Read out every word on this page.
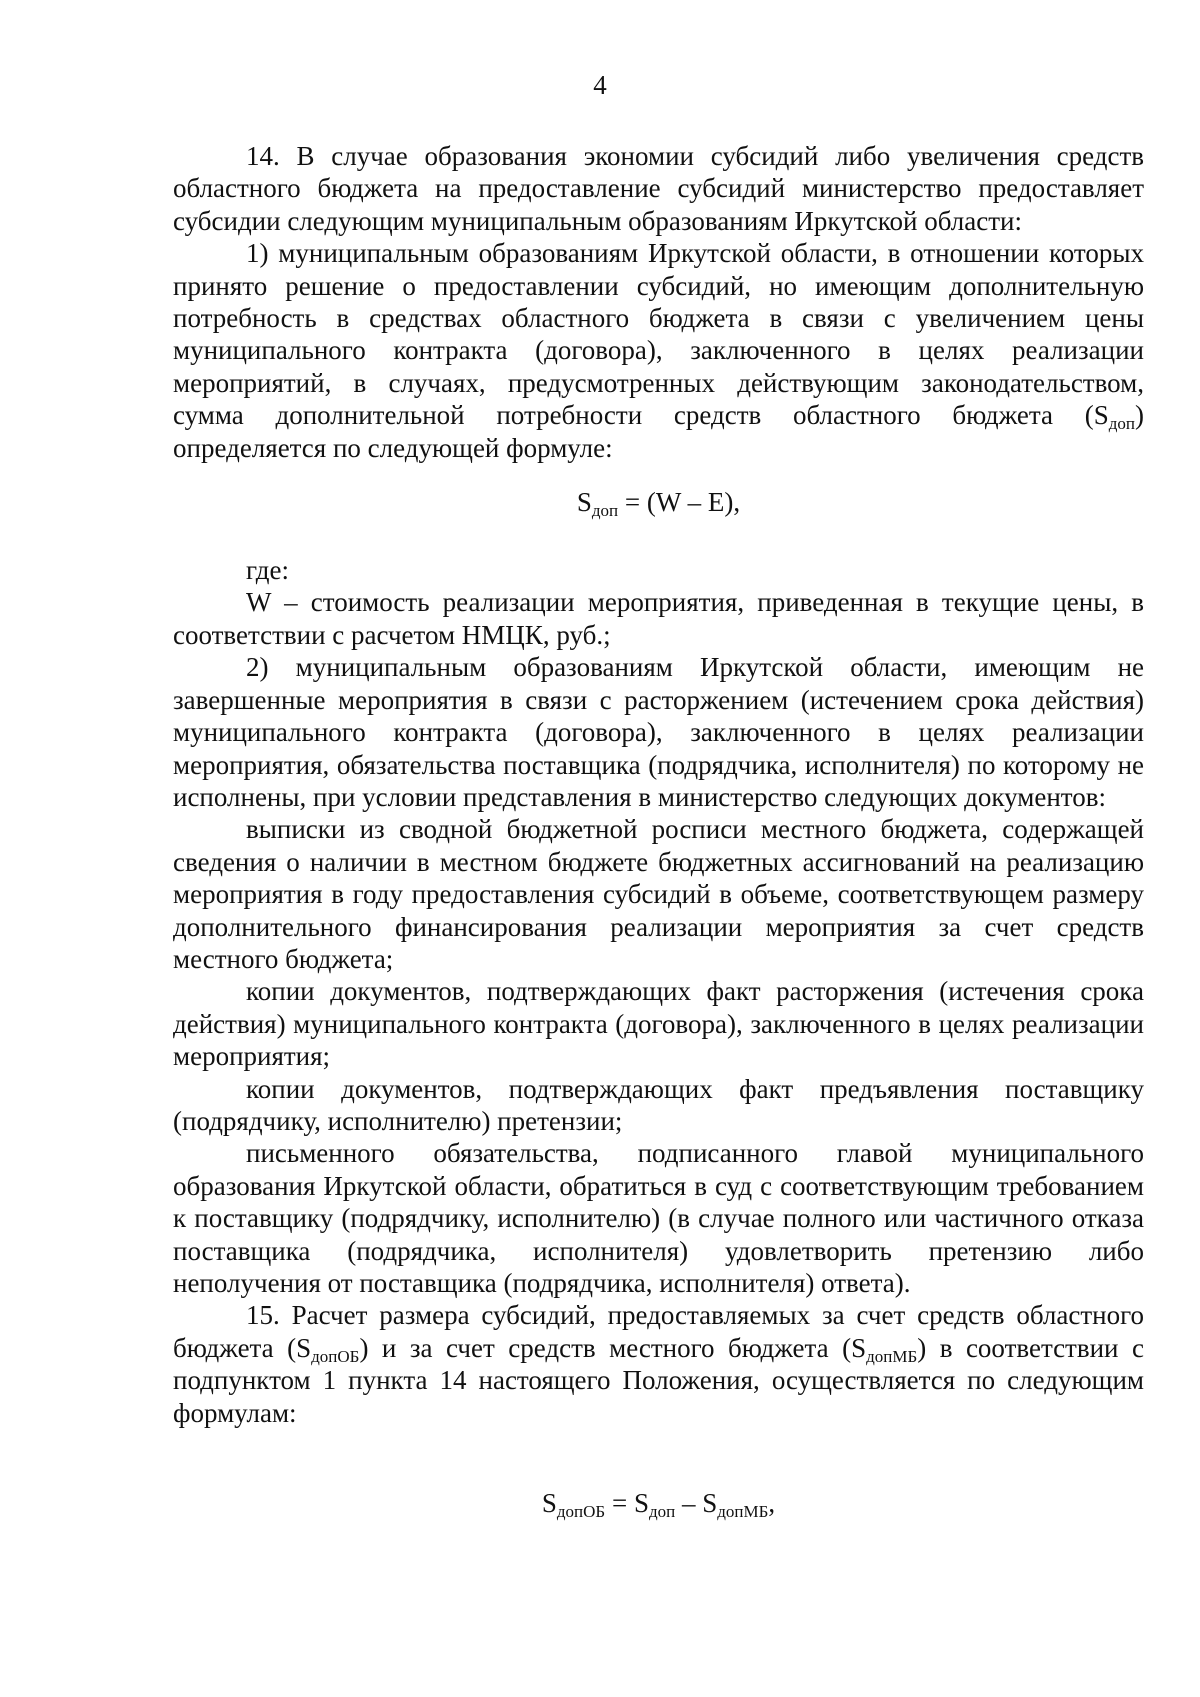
4

14. В случае образования экономии субсидий либо увеличения средств областного бюджета на предоставление субсидий министерство предоставляет субсидии следующим муниципальным образованиям Иркутской области:

1) муниципальным образованиям Иркутской области, в отношении которых принято решение о предоставлении субсидий, но имеющим дополнительную потребность в средствах областного бюджета в связи с увеличением цены муниципального контракта (договора), заключенного в целях реализации мероприятий, в случаях, предусмотренных действующим законодательством, сумма дополнительной потребности средств областного бюджета $(S_{доп})$ определяется по следующей формуле:

$S_{доп} = (W - E)$,

где:

W – стоимость реализации мероприятия, приведенная в текущие цены, в соответствии с расчетом НМЦК, руб.;

2) муниципальным образованиям Иркутской области, имеющим не завершенные мероприятия в связи с расторжением (истечением срока действия) муниципального контракта (договора), заключенного в целях реализации мероприятия, обязательства поставщика (подрядчика, исполнителя) по которому не исполнены, при условии представления в министерство следующих документов:

выписки из сводной бюджетной росписи местного бюджета, содержащей сведения о наличии в местном бюджете бюджетных ассигнований на реализацию мероприятия в году предоставления субсидий в объеме, соответствующем размеру дополнительного финансирования реализации мероприятия за счет средств местного бюджета;

копии документов, подтверждающих факт расторжения (истечения срока действия) муниципального контракта (договора), заключенного в целях реализации мероприятия;

копии документов, подтверждающих факт предъявления поставщику (подрядчику, исполнителю) претензии;

письменного обязательства, подписанного главой муниципального образования Иркутской области, обратиться в суд с соответствующим требованием к поставщику (подрядчику, исполнителю) (в случае полного или частичного отказа поставщика (подрядчика, исполнителя) удовлетворить претензию либо неполучения от поставщика (подрядчика, исполнителя) ответа).

15. Расчет размера субсидий, предоставляемых за счет средств областного бюджета $(S_{допОБ})$ и за счет средств местного бюджета $(S_{допМБ})$ в соответствии с подпунктом 1 пункта 14 настоящего Положения, осуществляется по следующим формулам:

$S_{допОБ} = S_{доп} - S_{допМБ}$,
